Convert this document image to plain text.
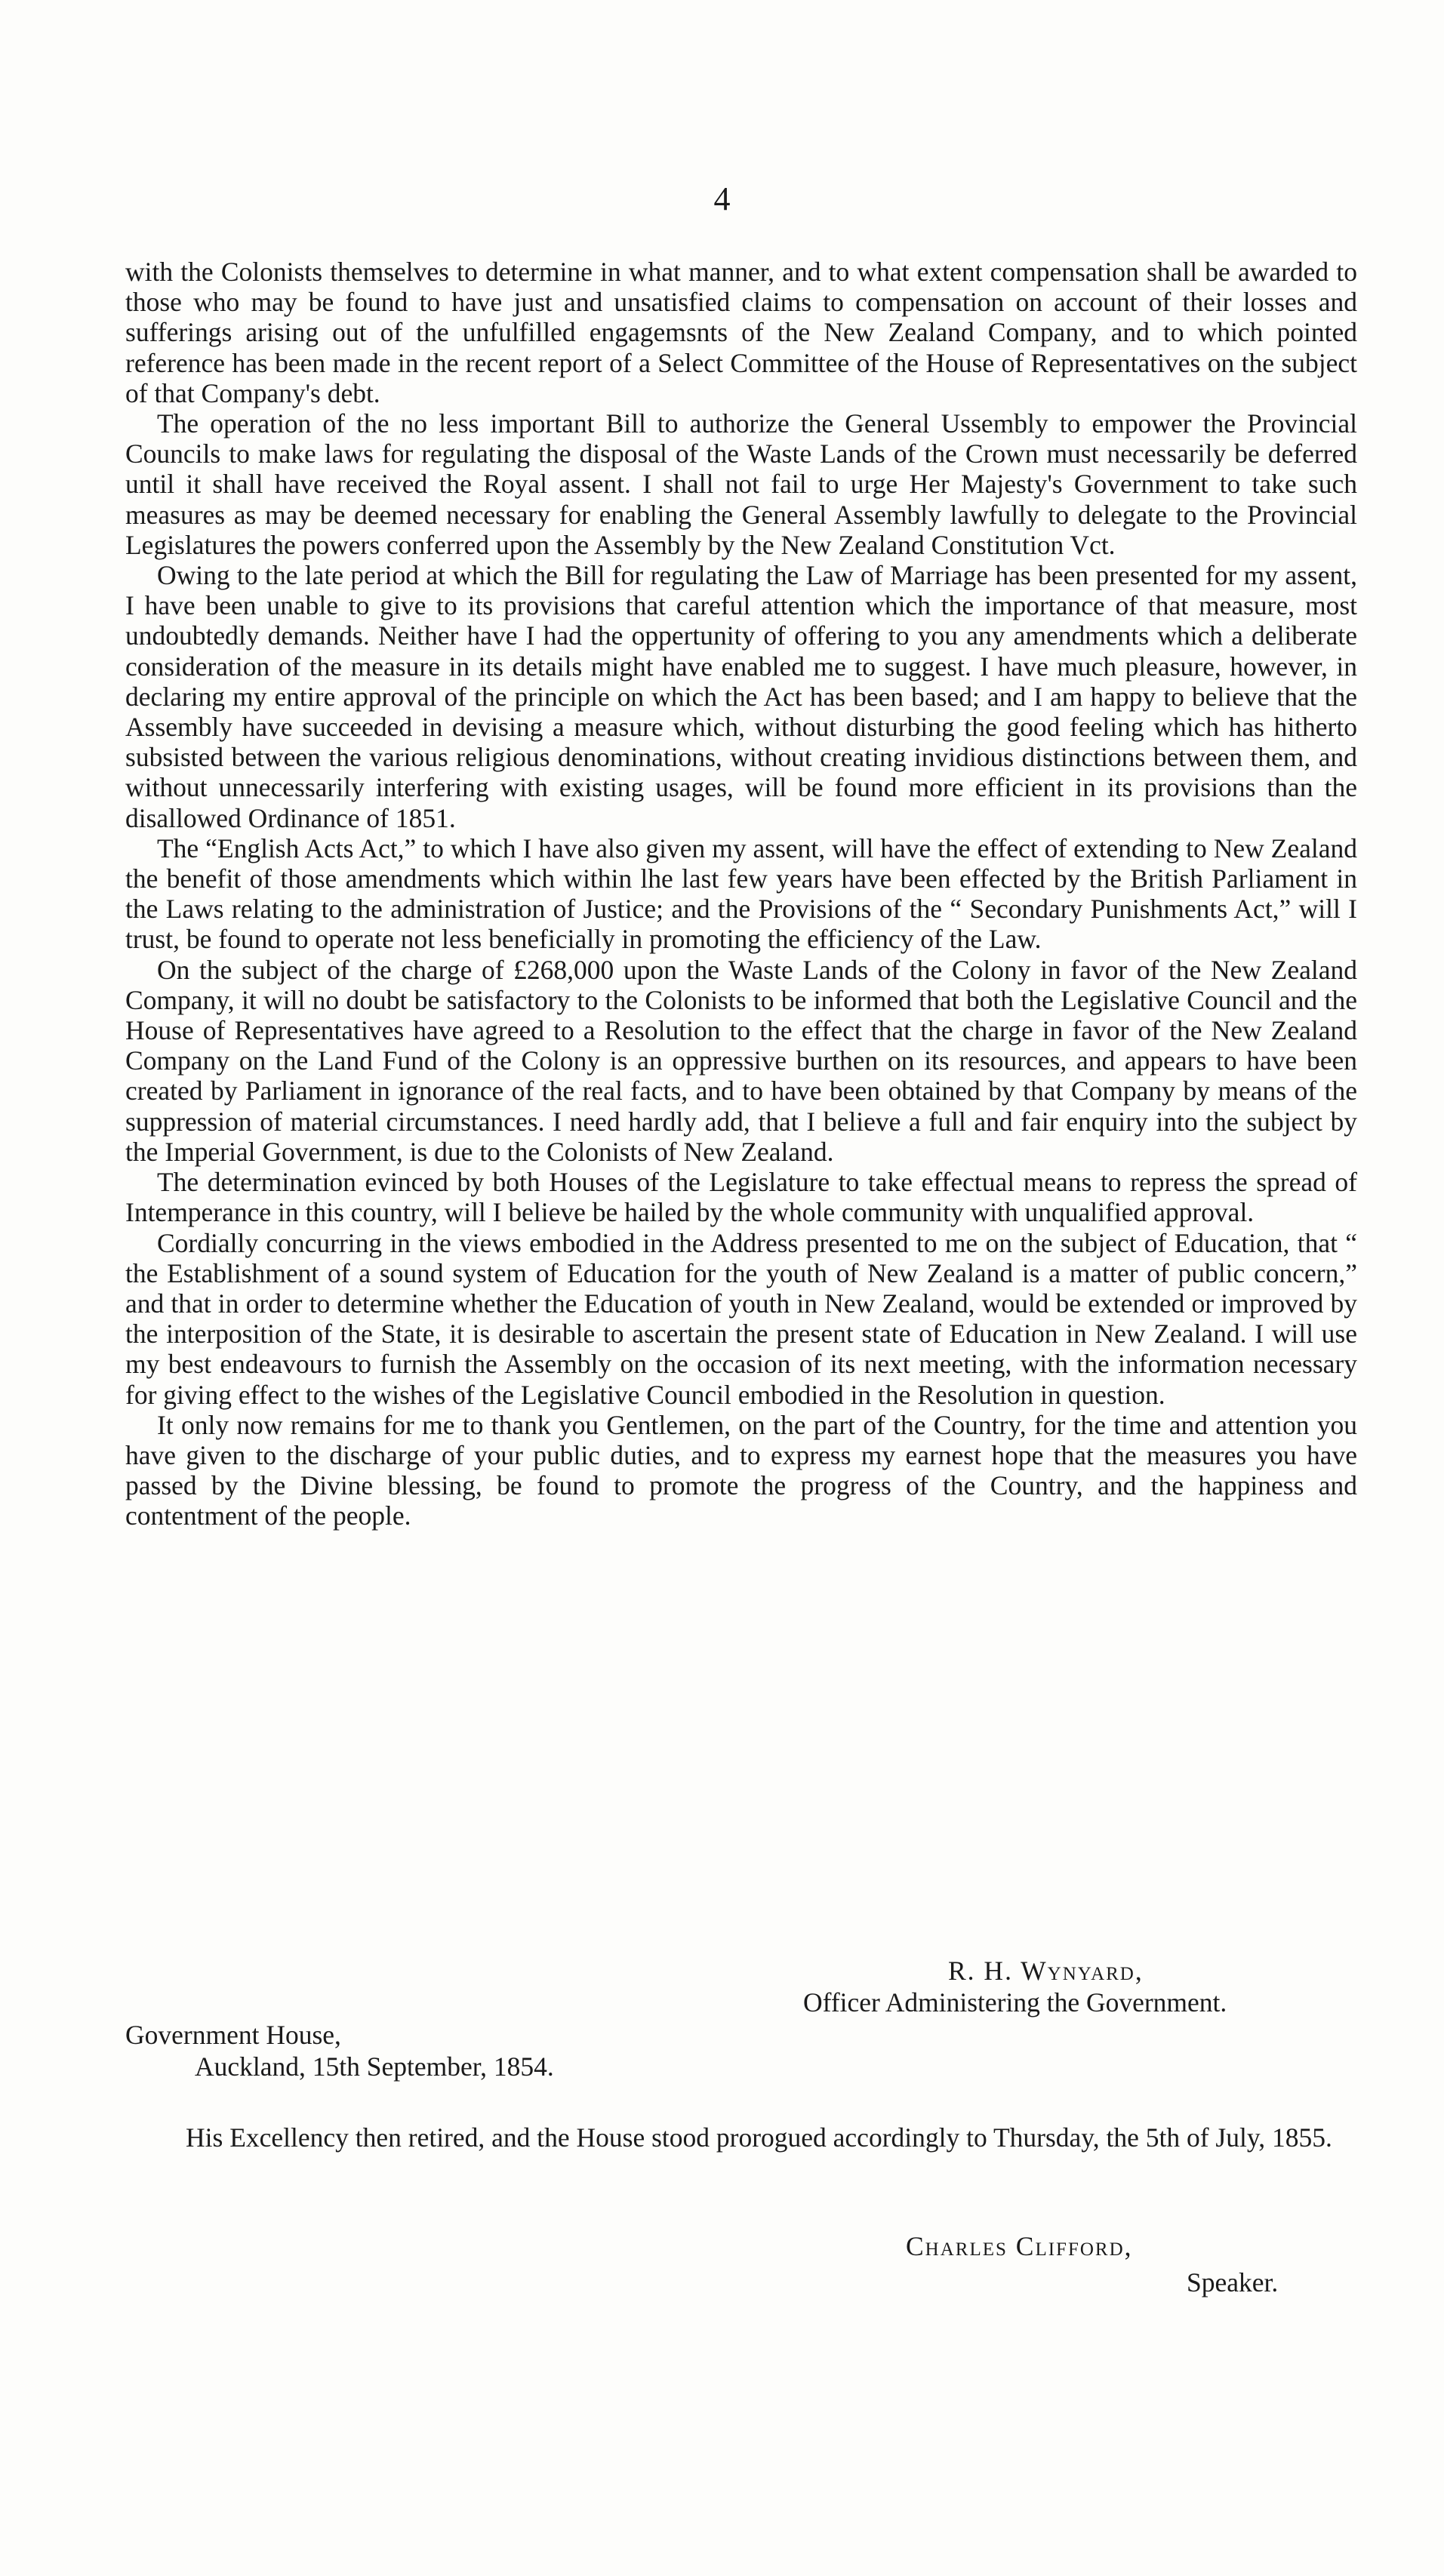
4

with the Colonists themselves to determine in what manner, and to what extent compensation shall be awarded to those who may be found to have just and unsatisfied claims to compensation on account of their losses and sufferings arising out of the unfulfilled engagemsnts of the New Zealand Company, and to which pointed reference has been made in the recent report of a Select Committee of the House of Representatives on the subject of that Company's debt.

The operation of the no less important Bill to authorize the General Ussembly to empower the Provincial Councils to make laws for regulating the disposal of the Waste Lands of the Crown must necessarily be deferred until it shall have received the Royal assent. I shall not fail to urge Her Majesty's Government to take such measures as may be deemed necessary for enabling the General Assembly lawfully to delegate to the Provincial Legislatures the powers conferred upon the Assembly by the New Zealand Constitution Vct.

Owing to the late period at which the Bill for regulating the Law of Marriage has been presented for my assent, I have been unable to give to its provisions that careful attention which the importance of that measure, most undoubtedly demands. Neither have I had the oppertunity of offering to you any amendments which a deliberate consideration of the measure in its details might have enabled me to suggest. I have much pleasure, however, in declaring my entire approval of the principle on which the Act has been based; and I am happy to believe that the Assembly have succeeded in devising a measure which, without disturbing the good feeling which has hitherto subsisted between the various religious denominations, without creating invidious distinctions between them, and without unnecessarily interfering with existing usages, will be found more efficient in its provisions than the disallowed Ordinance of 1851.

The “English Acts Act,” to which I have also given my assent, will have the effect of extending to New Zealand the benefit of those amendments which within lhe last few years have been effected by the British Parliament in the Laws relating to the administration of Justice; and the Provisions of the “ Secondary Punishments Act,” will I trust, be found to operate not less beneficially in promoting the efficiency of the Law.

On the subject of the charge of £268,000 upon the Waste Lands of the Colony in favor of the New Zealand Company, it will no doubt be satisfactory to the Colonists to be informed that both the Legislative Council and the House of Representatives have agreed to a Resolution to the effect that the charge in favor of the New Zealand Company on the Land Fund of the Colony is an oppressive burthen on its resources, and appears to have been created by Parliament in ignorance of the real facts, and to have been obtained by that Company by means of the suppression of material circumstances. I need hardly add, that I believe a full and fair enquiry into the subject by the Imperial Government, is due to the Colonists of New Zealand.

The determination evinced by both Houses of the Legislature to take effectual means to repress the spread of Intemperance in this country, will I believe be hailed by the whole community with unqualified approval.

Cordially concurring in the views embodied in the Address presented to me on the subject of Education, that “ the Establishment of a sound system of Education for the youth of New Zealand is a matter of public concern,” and that in order to determine whether the Education of youth in New Zealand, would be extended or improved by the interposition of the State, it is desirable to ascertain the present state of Education in New Zealand. I will use my best endeavours to furnish the Assembly on the occasion of its next meeting, with the information necessary for giving effect to the wishes of the Legislative Council embodied in the Resolution in question.

It only now remains for me to thank you Gentlemen, on the part of the Country, for the time and attention you have given to the discharge of your public duties, and to express my earnest hope that the measures you have passed by the Divine blessing, be found to promote the progress of the Country, and the happiness and contentment of the people.

R. H. Wynyard,
Officer Administering the Government.
Government House,
Auckland, 15th September, 1854.

His Excellency then retired, and the House stood prorogued accordingly to Thursday, the 5th of July, 1855.

Charles Clifford,
Speaker.
